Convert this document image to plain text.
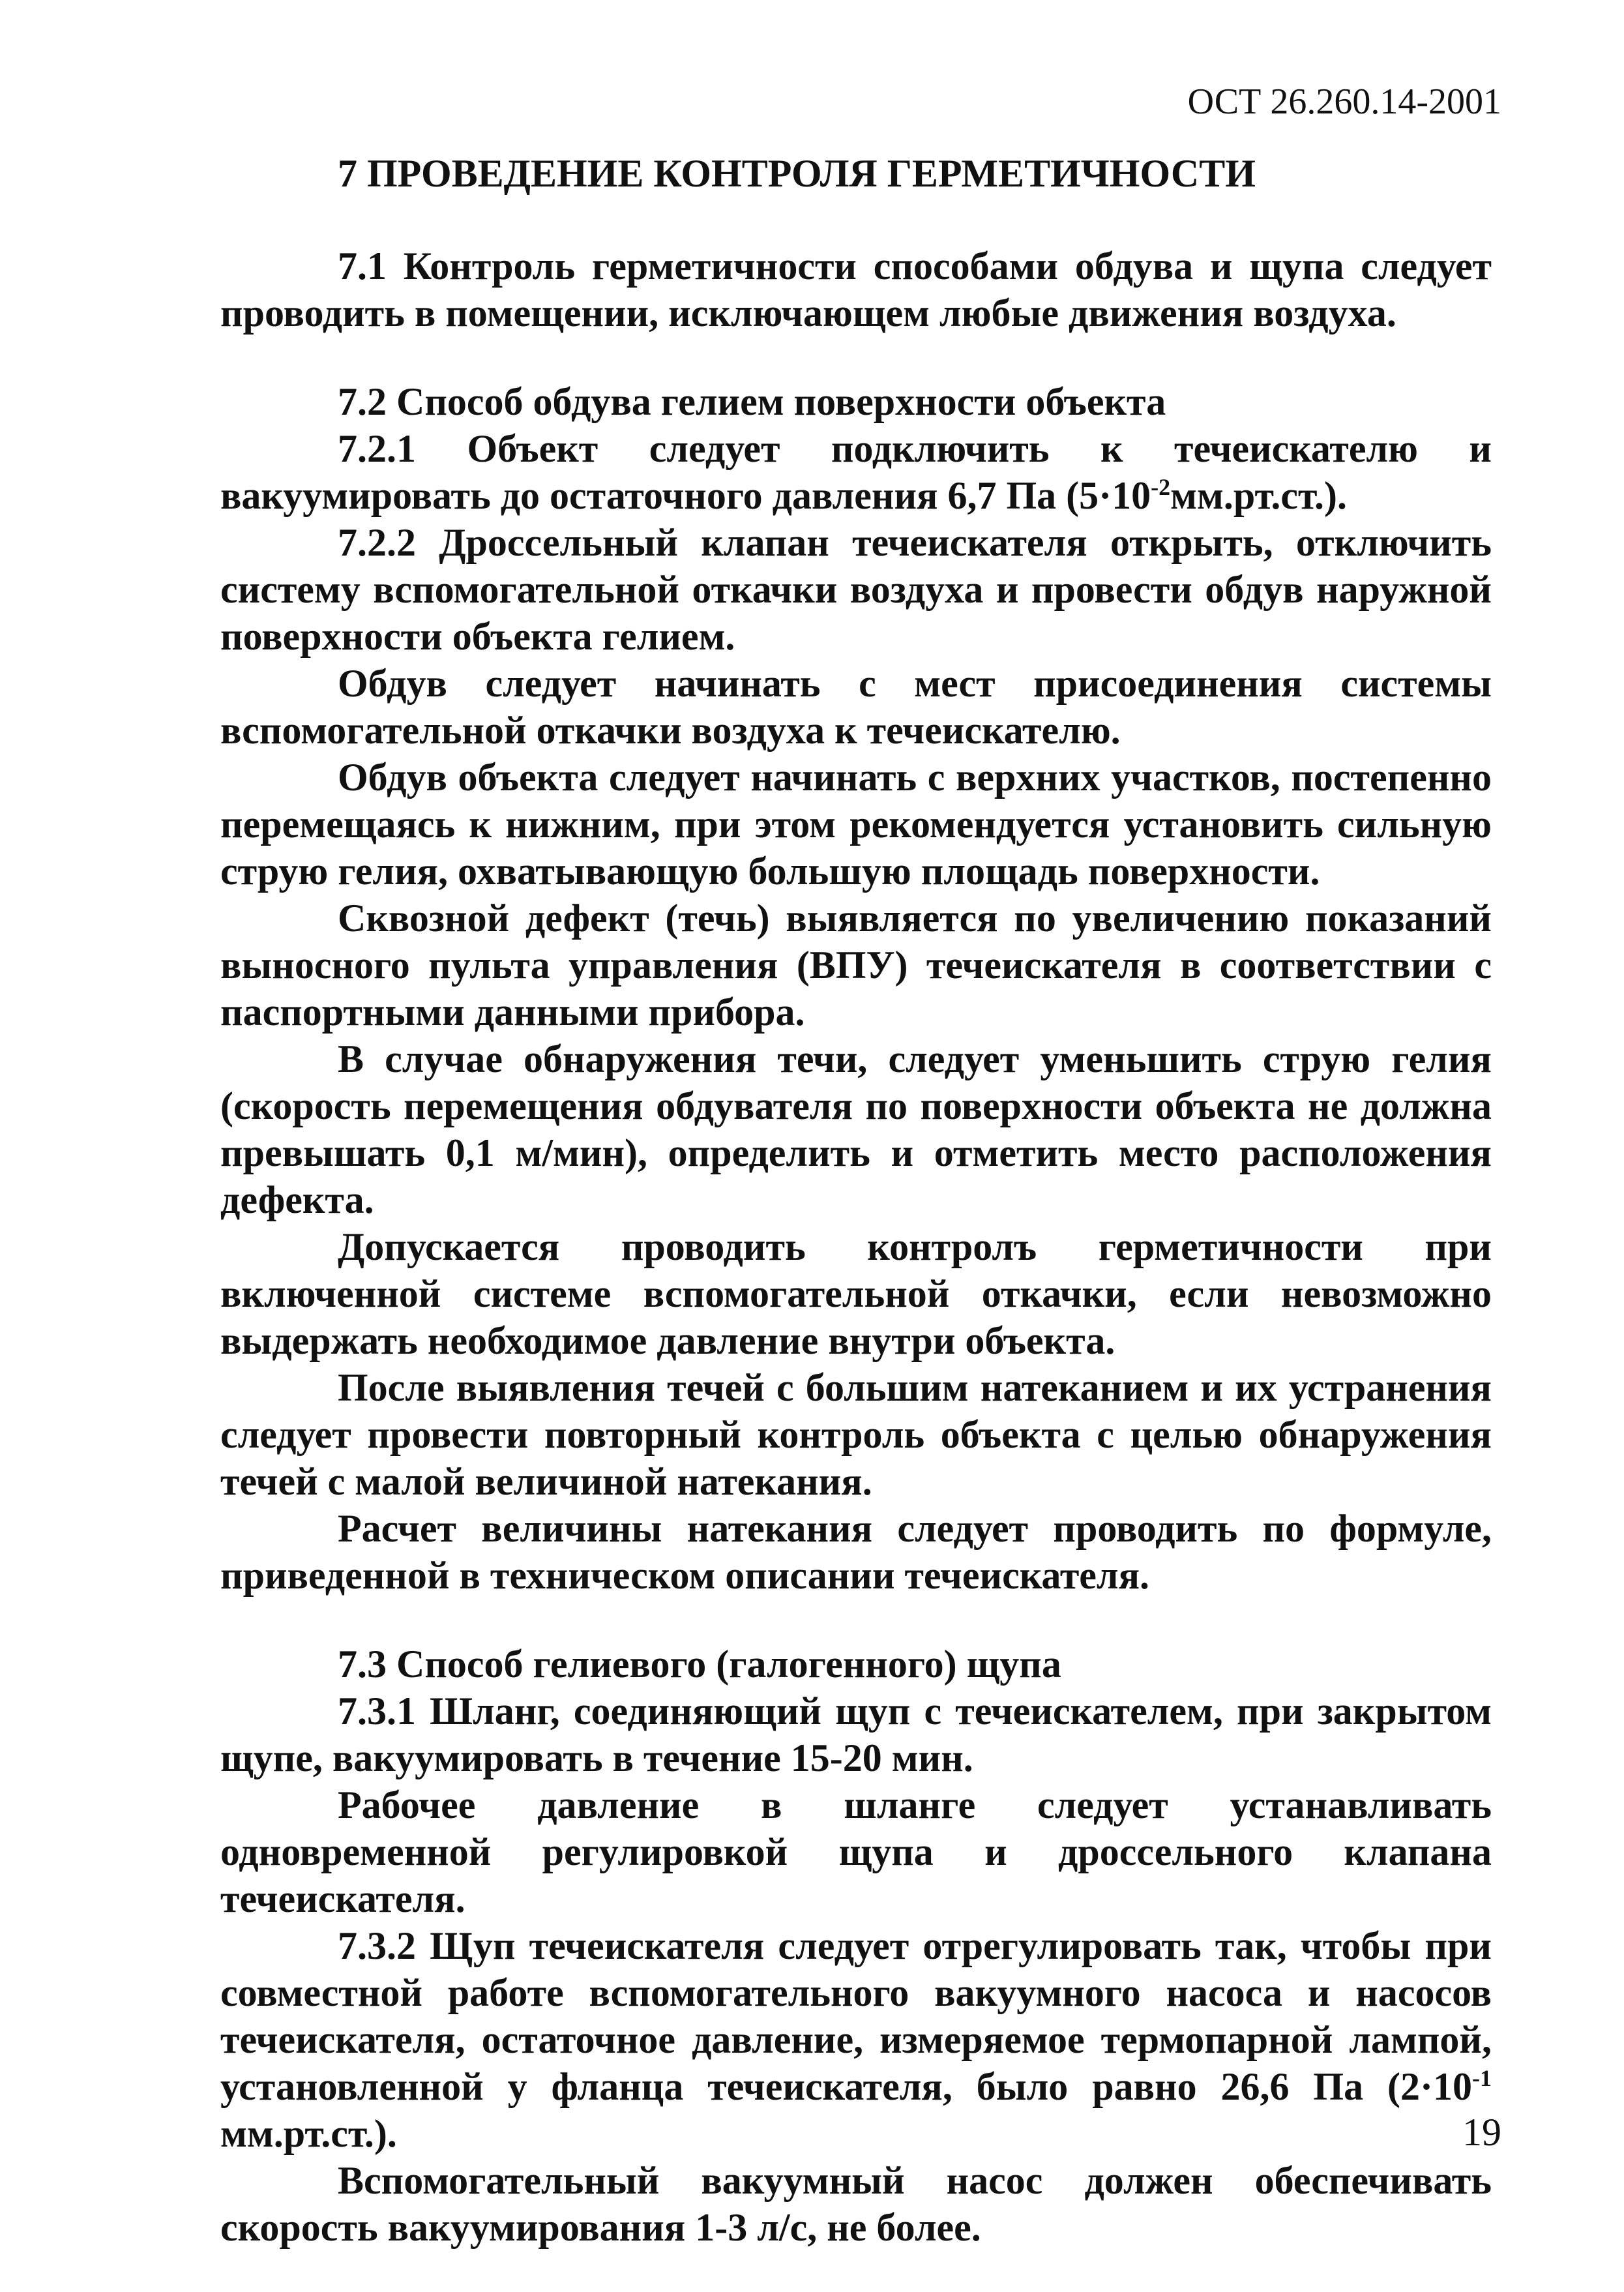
ОСТ 26.260.14-2001
7 ПРОВЕДЕНИЕ КОНТРОЛЯ ГЕРМЕТИЧНОСТИ

7.1 Контроль герметичности способами обдува и щупа следует проводить в помещении, исключающем любые движения воздуха.

7.2 Способ обдува гелием поверхности объекта

7.2.1 Объект следует подключить к течеискателю и вакуумировать до остаточного давления 6,7 Па $(5\cdot 10^{-2}мм.рт.ст.)$.

7.2.2 Дроссельный клапан течеискателя открыть, отключить систему вспомогательной откачки воздуха и провести обдув наружной поверхности объекта гелием.

Обдув следует начинать с мест присоединения системы вспомогательной откачки воздуха к течеискателю.

Обдув объекта следует начинать с верхних участков, постепенно перемещаясь к нижним, при этом рекомендуется установить сильную струю гелия, охватывающую большую площадь поверхности.

Сквозной дефект (течь) выявляется по увеличению показаний выносного пульта управления (ВПУ) течеискателя в соответствии с паспортными данными прибора.

В случае обнаружения течи, следует уменьшить струю гелия (скорость перемещения обдувателя по поверхности объекта не должна превышать 0,1 м/мин), определить и отметить место расположения дефекта.

Допускается проводить контролъ герметичности при включенной системе вспомогательной откачки, если невозможно выдержать необходимое давление внутри объекта.

После выявления течей с большим натеканием и их устранения следует провести повторный контроль объекта с целью обнаружения течей с малой величиной натекания.

Расчет величины натекания следует проводить по формуле, приведенной в техническом описании течеискателя.

7.3 Способ гелиевого (галогенного) щупа

7.3.1 Шланг, соединяющий щуп с течеискателем, при закрытом щупе, вакуумировать в течение 15-20 мин.

Рабочее давление в шланге следует устанавливать одновременной регулировкой щупа и дроссельного клапана течеискателя.

7.3.2 Щуп течеискателя следует отрегулировать так, чтобы при совместной работе вспомогательного вакуумного насоса и насосов течеискателя, остаточное давление, измеряемое термопарной лампой, установленной у фланца течеискателя, было равно 26,6 Па ($2\cdot 10^{-1}$ мм.рт.ст.).

Вспомогательный вакуумный насос должен обеспечивать скорость вакуумирования 1-3 л/с, не более.

19
